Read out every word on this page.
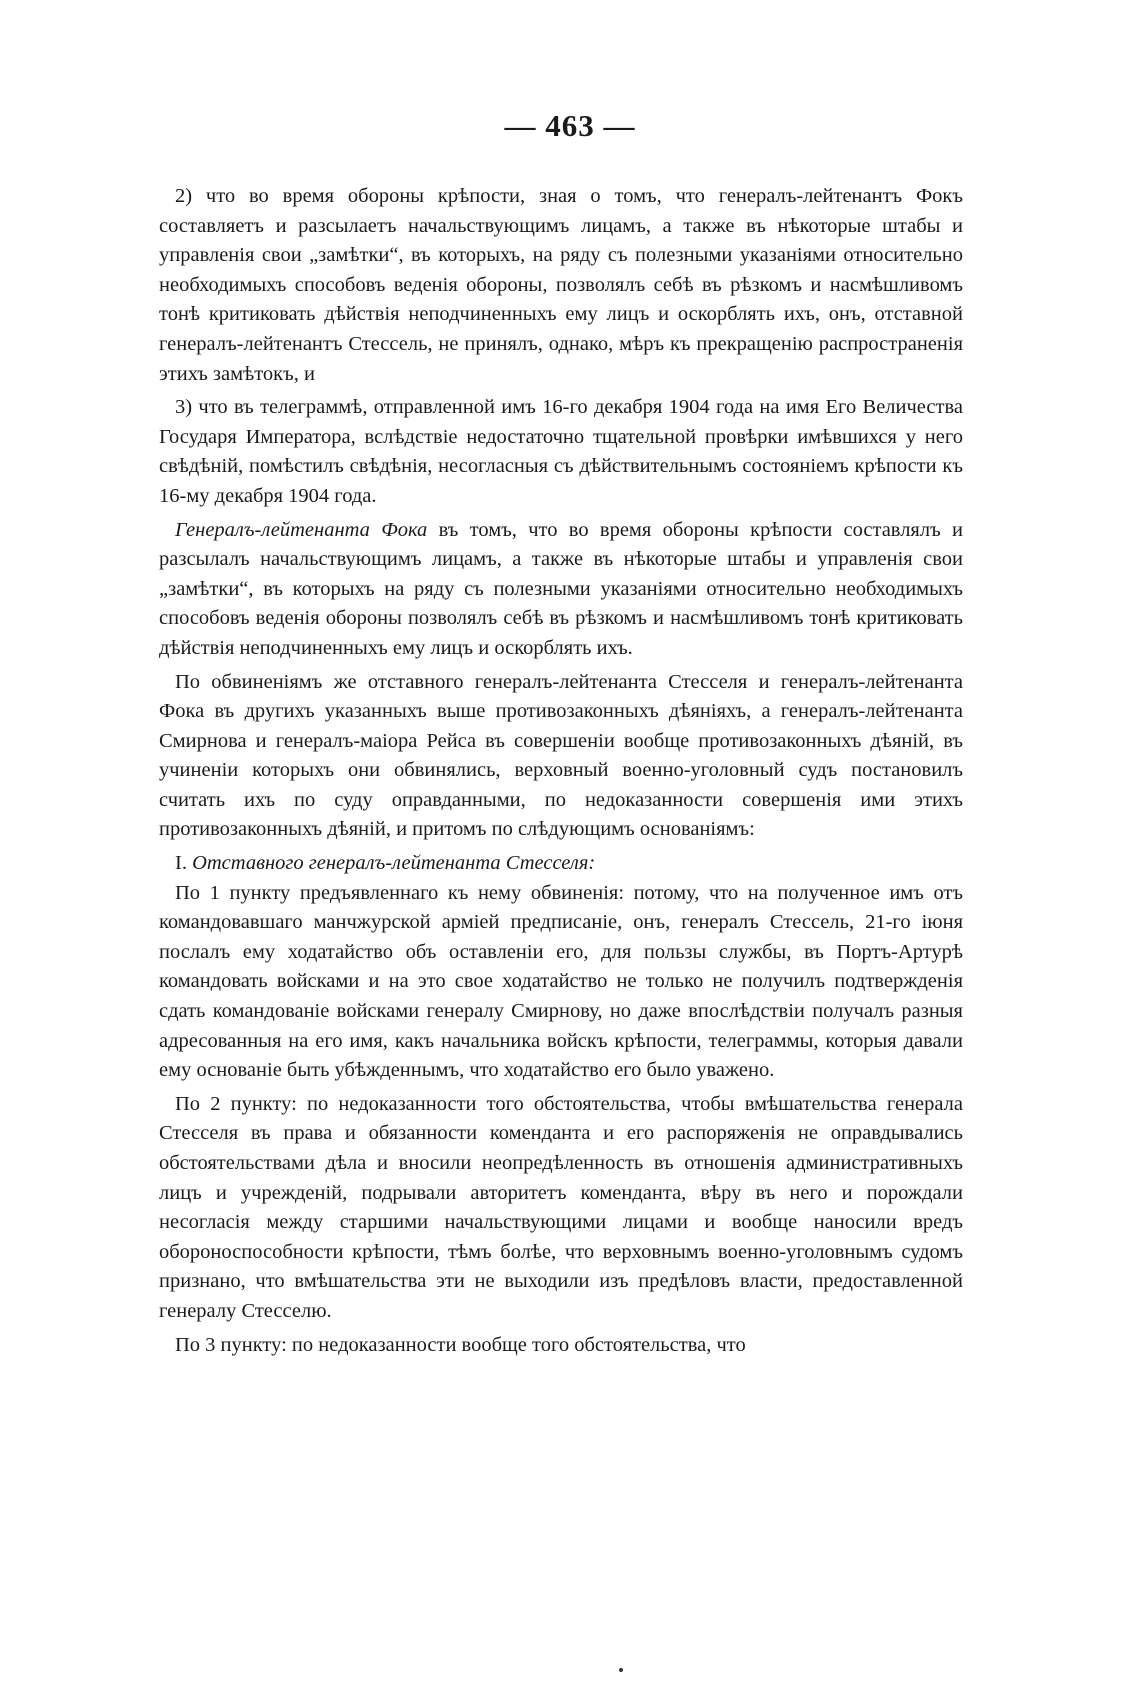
— 463 —

2) что во время обороны крѣпости, зная о томъ, что генералъ-лейтенантъ Фокъ составляетъ и разсылаетъ начальствующимъ лицамъ, а также въ нѣкоторые штабы и управленія свои „замѣтки“, въ которыхъ, на ряду съ полезными указаніями относительно необходимыхъ способовъ веденія обороны, позволялъ себѣ въ рѣзкомъ и насмѣшливомъ тонѣ критиковать дѣйствія неподчиненныхъ ему лицъ и оскорблять ихъ, онъ, отставной генералъ-лейтенантъ Стессель, не принялъ, однако, мѣръ къ прекращенію распространенія этихъ замѣтокъ, и

3) что въ телеграммѣ, отправленной имъ 16-го декабря 1904 года на имя Его Величества Государя Императора, вслѣдствіе недостаточно тщательной провѣрки имѣвшихся у него свѣдѣній, помѣстилъ свѣдѣнія, несогласныя съ дѣйствительнымъ состояніемъ крѣпости къ 16-му декабря 1904 года.

Генералъ-лейтенанта Фока въ томъ, что во время обороны крѣпости составлялъ и разсылалъ начальствующимъ лицамъ, а также въ нѣкоторые штабы и управленія свои „замѣтки“, въ которыхъ на ряду съ полезными указаніями относительно необходимыхъ способовъ веденія обороны позволялъ себѣ въ рѣзкомъ и насмѣшливомъ тонѣ критиковать дѣйствія неподчиненныхъ ему лицъ и оскорблять ихъ.

По обвиненіямъ же отставного генералъ-лейтенанта Стесселя и генералъ-лейтенанта Фока въ другихъ указанныхъ выше противозаконныхъ дѣяніяхъ, а генералъ-лейтенанта Смирнова и генералъ-маіора Рейса въ совершеніи вообще противозаконныхъ дѣяній, въ учиненіи которыхъ они обвинялись, верховный военно-уголовный судъ постановилъ считать ихъ по суду оправданными, по недоказанности совершенія ими этихъ противозаконныхъ дѣяній, и притомъ по слѣдующимъ основаніямъ:

I. Отставного генералъ-лейтенанта Стесселя:

По 1 пункту предъявленнаго къ нему обвиненія: потому, что на полученное имъ отъ командовавшаго манчжурской арміей предписаніе, онъ, генералъ Стессель, 21-го іюня послалъ ему ходатайство объ оставленіи его, для пользы службы, въ Портъ-Артурѣ командовать войсками и на это свое ходатайство не только не получилъ подтвержденія сдать командованіе войсками генералу Смирнову, но даже впослѣдствіи получалъ разныя адресованныя на его имя, какъ начальника войскъ крѣпости, телеграммы, которыя давали ему основаніе быть убѣжденнымъ, что ходатайство его было уважено.

По 2 пункту: по недоказанности того обстоятельства, чтобы вмѣшательства генерала Стесселя въ права и обязанности коменданта и его распоряженія не оправдывались обстоятельствами дѣла и вносили неопредѣленность въ отношенія административныхъ лицъ и учрежденій, подрывали авторитетъ коменданта, вѣру въ него и порождали несогласія между старшими начальствующими лицами и вообще наносили вредъ обороноспособности крѣпости, тѣмъ болѣе, что верховнымъ военно-уголовнымъ судомъ признано, что вмѣшательства эти не выходили изъ предѣловъ власти, предоставленной генералу Стесселю.

По 3 пункту: по недоказанности вообще того обстоятельства, что
